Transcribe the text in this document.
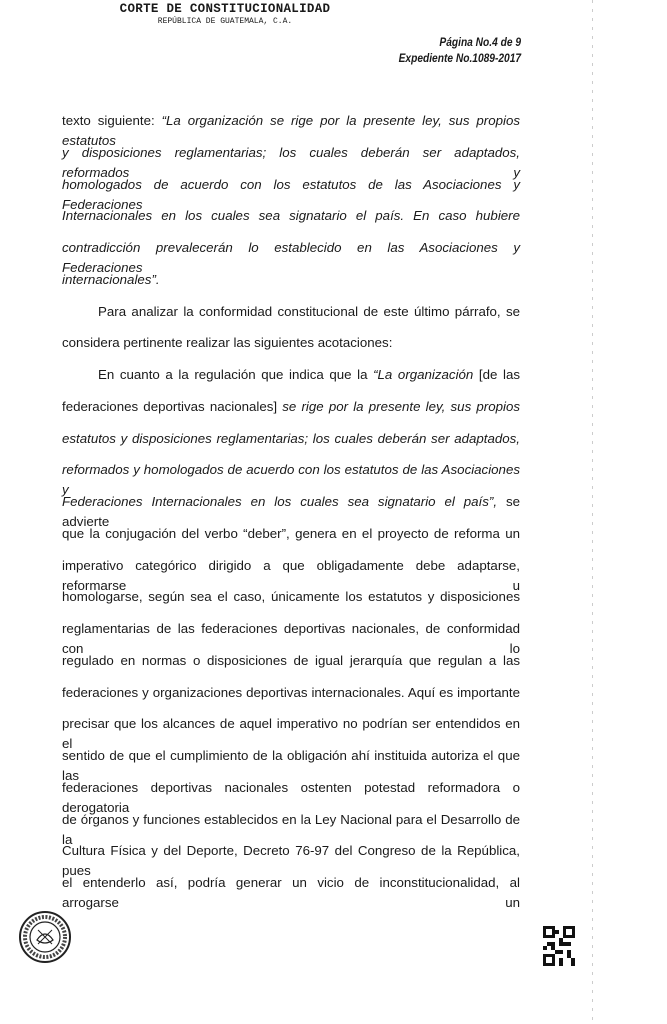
CORTE DE CONSTITUCIONALIDAD
REPÚBLICA DE GUATEMALA, C.A.
Página No.4 de 9
Expediente No.1089-2017
texto siguiente: “La organización se rige por la presente ley, sus propios estatutos
y disposiciones reglamentarias; los cuales deberán ser adaptados, reformados y
homologados de acuerdo con los estatutos de las Asociaciones y Federaciones
Internacionales en los cuales sea signatario el país. En caso hubiere
contradicción prevalecerán lo establecido en las Asociaciones y Federaciones
internacionales”.
Para analizar la conformidad constitucional de este último párrafo, se
considera pertinente realizar las siguientes acotaciones:
En cuanto a la regulación que indica que la “La organización [de las
federaciones deportivas nacionales] se rige por la presente ley, sus propios
estatutos y disposiciones reglamentarias; los cuales deberán ser adaptados,
reformados y homologados de acuerdo con los estatutos de las Asociaciones y
Federaciones Internacionales en los cuales sea signatario el país”, se advierte
que la conjugación del verbo “deber”, genera en el proyecto de reforma un
imperativo categórico dirigido a que obligadamente debe adaptarse, reformarse u
homologarse, según sea el caso, únicamente los estatutos y disposiciones
reglamentarias de las federaciones deportivas nacionales, de conformidad con lo
regulado en normas o disposiciones de igual jerarquía que regulan a las
federaciones y organizaciones deportivas internacionales. Aquí es importante
precisar que los alcances de aquel imperativo no podrían ser entendidos en el
sentido de que el cumplimiento de la obligación ahí instituida autoriza el que las
federaciones deportivas nacionales ostenten potestad reformadora o derogatoria
de órganos y funciones establecidos en la Ley Nacional para el Desarrollo de la
Cultura Física y del Deporte, Decreto 76-97 del Congreso de la República, pues
el entenderlo así, podría generar un vicio de inconstitucionalidad, al arrogarse un
